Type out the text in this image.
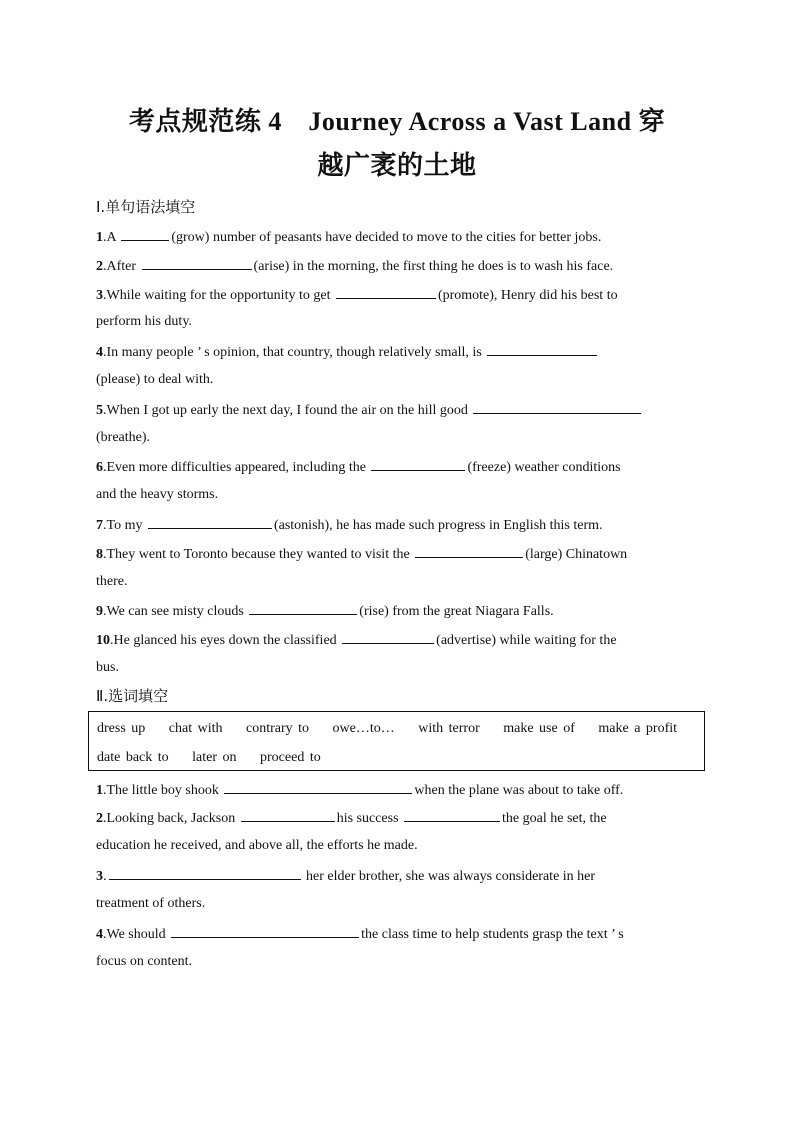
考点规范练 4　Journey Across a Vast Land 穿
越广袤的土地
Ⅰ.单句语法填空
1.A	(grow) number of peasants have decided to move to the cities for better jobs.
2.After	(arise) in the morning, the first thing he does is to wash his face.
3.While waiting for the opportunity to get	(promote), Henry did his best to
perform his duty.
4.In many people ’ s opinion, that country, though relatively small, is
(please) to deal with.
5.When I got up early the next day, I found the air on the hill good
(breathe).
6.Even more difficulties appeared, including the	(freeze) weather conditions
and the heavy storms.
7.To my	(astonish), he has made such progress in English this term.
8.They went to Toronto because they wanted to visit the	(large) Chinatown
there.
9.We can see misty clouds	(rise) from the great Niagara Falls.
10.He glanced his eyes down the classified	(advertise) while waiting for the
bus.
Ⅱ.选词填空
dress up chat with contrary to owe…to… with terror make use of make a profit
date back to later on proceed to
1.The little boy shook	when the plane was about to take off.
2.Looking back, Jackson	his success	the goal he set, the
education he received, and above all, the efforts he made.
3.	her elder brother, she was always considerate in her
treatment of others.
4.We should	the class time to help students grasp the text ’ s
focus on content.
